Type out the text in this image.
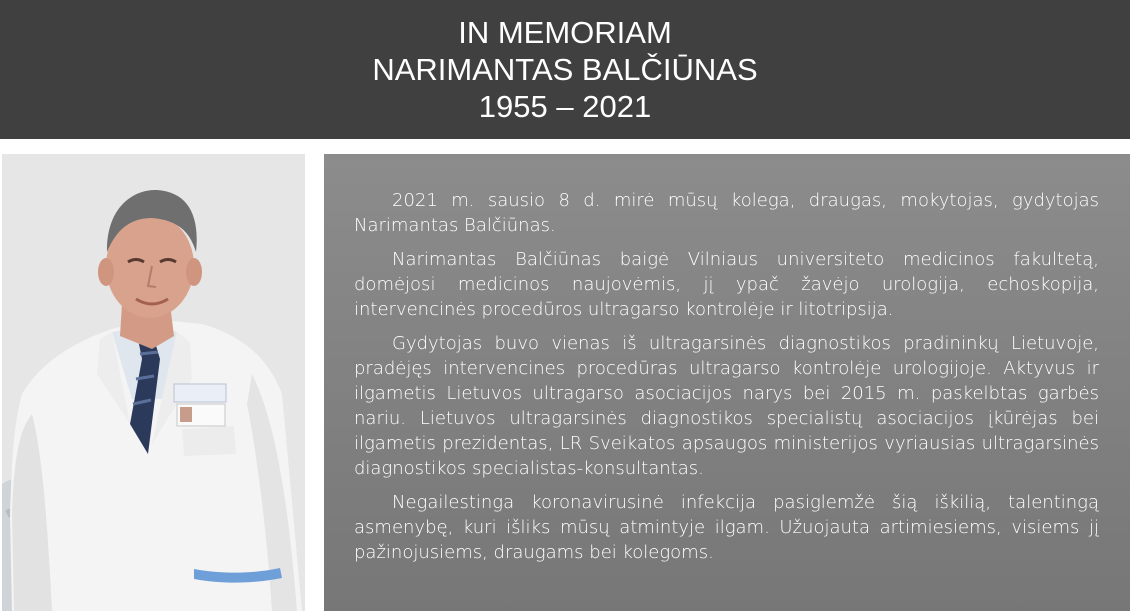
IN MEMORIAM
NARIMANTAS BALČIŪNAS
1955 – 2021

2021 m. sausio 8 d. mirė mūsų kolega, draugas, mokytojas, gydytojas Narimantas Balčiūnas.

Narimantas Balčiūnas baigė Vilniaus universiteto medicinos fakultetą, domėjosi medicinos naujovėmis, jį ypač žavėjo urologija, echoskopija, intervencinės procedūros ultragarso kontrolėje ir litotripsija.

Gydytojas buvo vienas iš ultragarsinės diagnostikos pradininkų Lietuvoje, pradėjęs intervencines procedūras ultragarso kontrolėje urologijoje. Aktyvus ir ilgametis Lietuvos ultragarso asociacijos narys bei 2015 m. paskelbtas garbės nariu. Lietuvos ultragarsinės diagnostikos specialistų asociacijos įkūrėjas bei ilgametis prezidentas, LR Sveikatos apsaugos ministerijos vyriausias ultragarsinės diagnostikos specialistas-konsultantas.

Negailestinga koronavirusinė infekcija pasiglemžė šią iškilią, talentingą asmenybę, kuri išliks mūsų atmintyje ilgam. Užuojauta artimiesiems, visiems jį pažinojusiems, draugams bei kolegoms.
